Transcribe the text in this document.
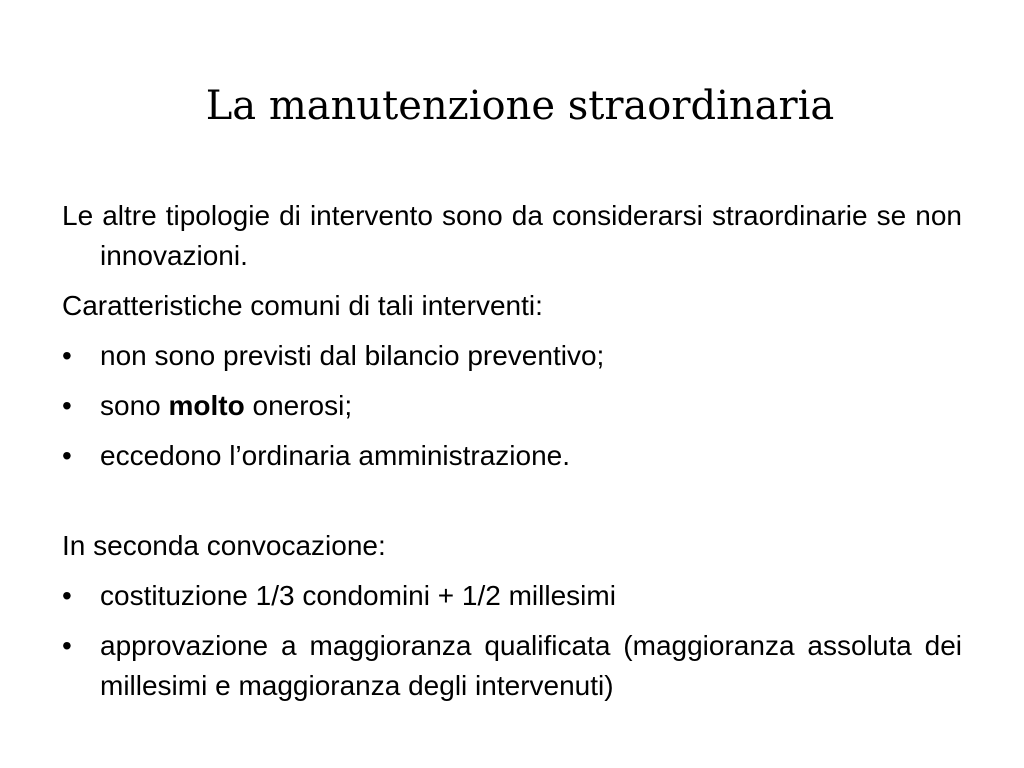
La manutenzione straordinaria

Le altre tipologie di intervento sono da considerarsi straordinarie se non innovazioni.

Caratteristiche comuni di tali interventi:

•	non sono previsti dal bilancio preventivo;
•	sono molto onerosi;
•	eccedono l’ordinaria amministrazione.

In seconda convocazione:

•	costituzione 1/3 condomini + 1/2 millesimi
•	approvazione a maggioranza qualificata (maggioranza assoluta dei millesimi e maggioranza degli intervenuti)
